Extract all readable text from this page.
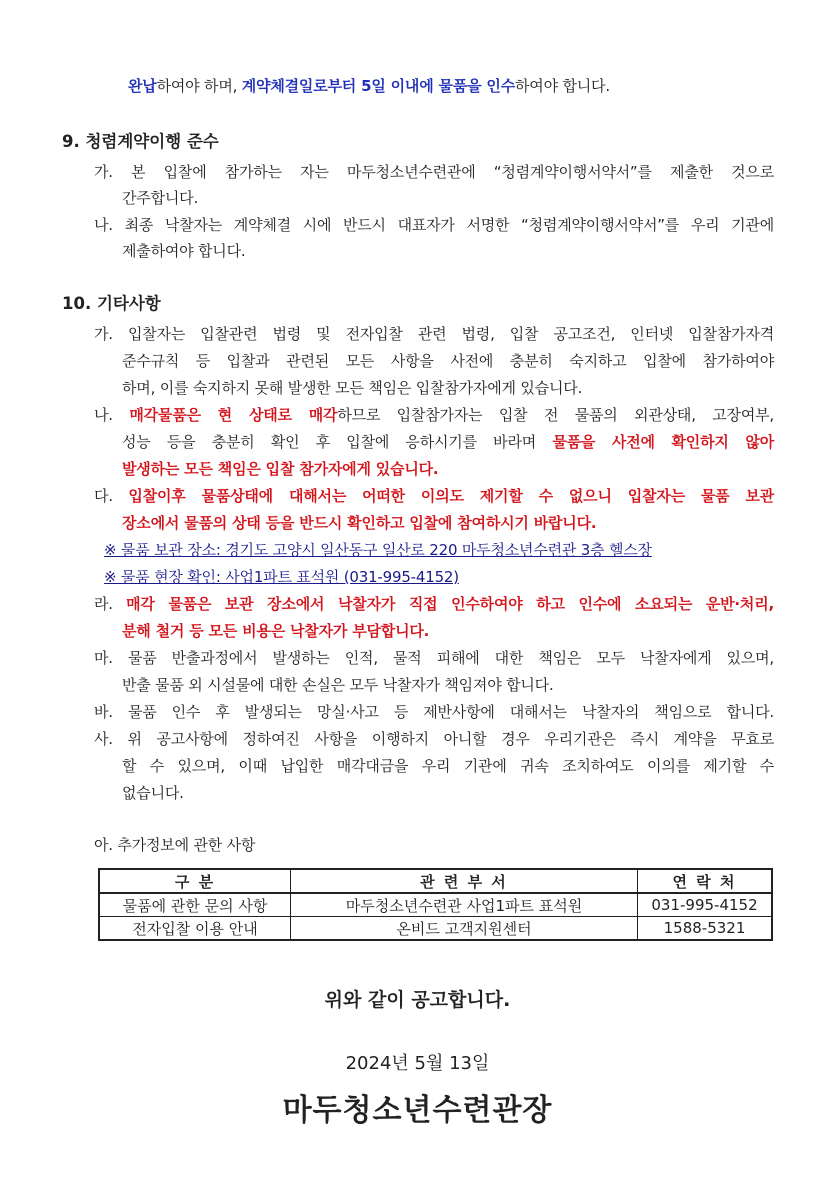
완납하여야 하며, 계약체결일로부터 5일 이내에 물품을 인수하여야 합니다.
9. 청렴계약이행 준수
가. 본 입찰에 참가하는 자는 마두청소년수련관에 “청렴계약이행서약서”를 제출한 것으로
간주합니다.
나. 최종 낙찰자는 계약체결 시에 반드시 대표자가 서명한 “청렴계약이행서약서”를 우리 기관에
제출하여야 합니다.
10. 기타사항
가. 입찰자는 입찰관련 법령 및 전자입찰 관련 법령, 입찰 공고조건, 인터넷 입찰참가자격
준수규칙 등 입찰과 관련된 모든 사항을 사전에 충분히 숙지하고 입찰에 참가하여야
하며, 이를 숙지하지 못해 발생한 모든 책임은 입찰참가자에게 있습니다.
나. 매각물품은 현 상태로 매각하므로 입찰참가자는 입찰 전 물품의 외관상태, 고장여부,
성능 등을 충분히 확인 후 입찰에 응하시기를 바라며 물품을 사전에 확인하지 않아
발생하는 모든 책임은 입찰 참가자에게 있습니다.
다. 입찰이후 물품상태에 대해서는 어떠한 이의도 제기할 수 없으니 입찰자는 물품 보관
장소에서 물품의 상태 등을 반드시 확인하고 입찰에 참여하시기 바랍니다.
※ 물품 보관 장소: 경기도 고양시 일산동구 일산로 220 마두청소년수련관 3층 헬스장
※ 물품 현장 확인: 사업1파트 표석원 (031-995-4152)
라. 매각 물품은 보관 장소에서 낙찰자가 직접 인수하여야 하고 인수에 소요되는 운반·처리,
분해 철거 등 모든 비용은 낙찰자가 부담합니다.
마. 물품 반출과정에서 발생하는 인적, 물적 피해에 대한 책임은 모두 낙찰자에게 있으며,
반출 물품 외 시설물에 대한 손실은 모두 낙찰자가 책임져야 합니다.
바. 물품 인수 후 발생되는 망실·사고 등 제반사항에 대해서는 낙찰자의 책임으로 합니다.
사. 위 공고사항에 정하여진 사항을 이행하지 아니할 경우 우리기관은 즉시 계약을 무효로
할 수 있으며, 이때 납입한 매각대금을 우리 기관에 귀속 조치하여도 이의를 제기할 수
없습니다.
아. 추가정보에 관한 사항
구 분	관 련 부 서	연 락 처
물품에 관한 문의 사항	마두청소년수련관 사업1파트 표석원	031-995-4152
전자입찰 이용 안내	온비드 고객지원센터	1588-5321
위와 같이 공고합니다.
2024년 5월 13일
마두청소년수련관장
